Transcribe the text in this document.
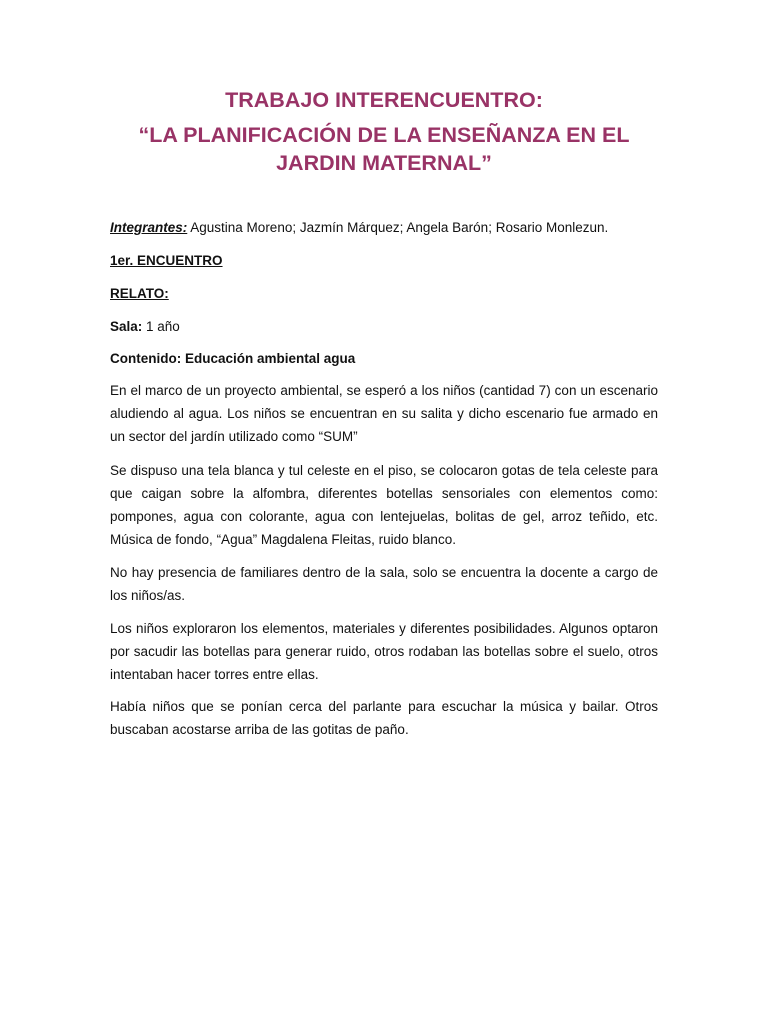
TRABAJO INTERENCUENTRO:
“LA PLANIFICACIÓN DE LA ENSEÑANZA EN EL JARDIN MATERNAL”
Integrantes: Agustina Moreno; Jazmín Márquez; Angela Barón; Rosario Monlezun.
1er. ENCUENTRO
RELATO:
Sala: 1 año
Contenido: Educación ambiental agua

En el marco de un proyecto ambiental, se esperó a los niños (cantidad 7) con un escenario aludiendo al agua. Los niños se encuentran en su salita y dicho escenario fue armado en un sector del jardín utilizado como “SUM”

Se dispuso una tela blanca y tul celeste en el piso, se colocaron gotas de tela celeste para que caigan sobre la alfombra, diferentes botellas sensoriales con elementos como: pompones, agua con colorante, agua con lentejuelas, bolitas de gel, arroz teñido, etc. Música de fondo, “Agua” Magdalena Fleitas, ruido blanco.

No hay presencia de familiares dentro de la sala, solo se encuentra la docente a cargo de los niños/as.

Los niños exploraron los elementos, materiales y diferentes posibilidades. Algunos optaron por sacudir las botellas para generar ruido, otros rodaban las botellas sobre el suelo, otros intentaban hacer torres entre ellas.

Había niños que se ponían cerca del parlante para escuchar la música y bailar. Otros buscaban acostarse arriba de las gotitas de paño.
